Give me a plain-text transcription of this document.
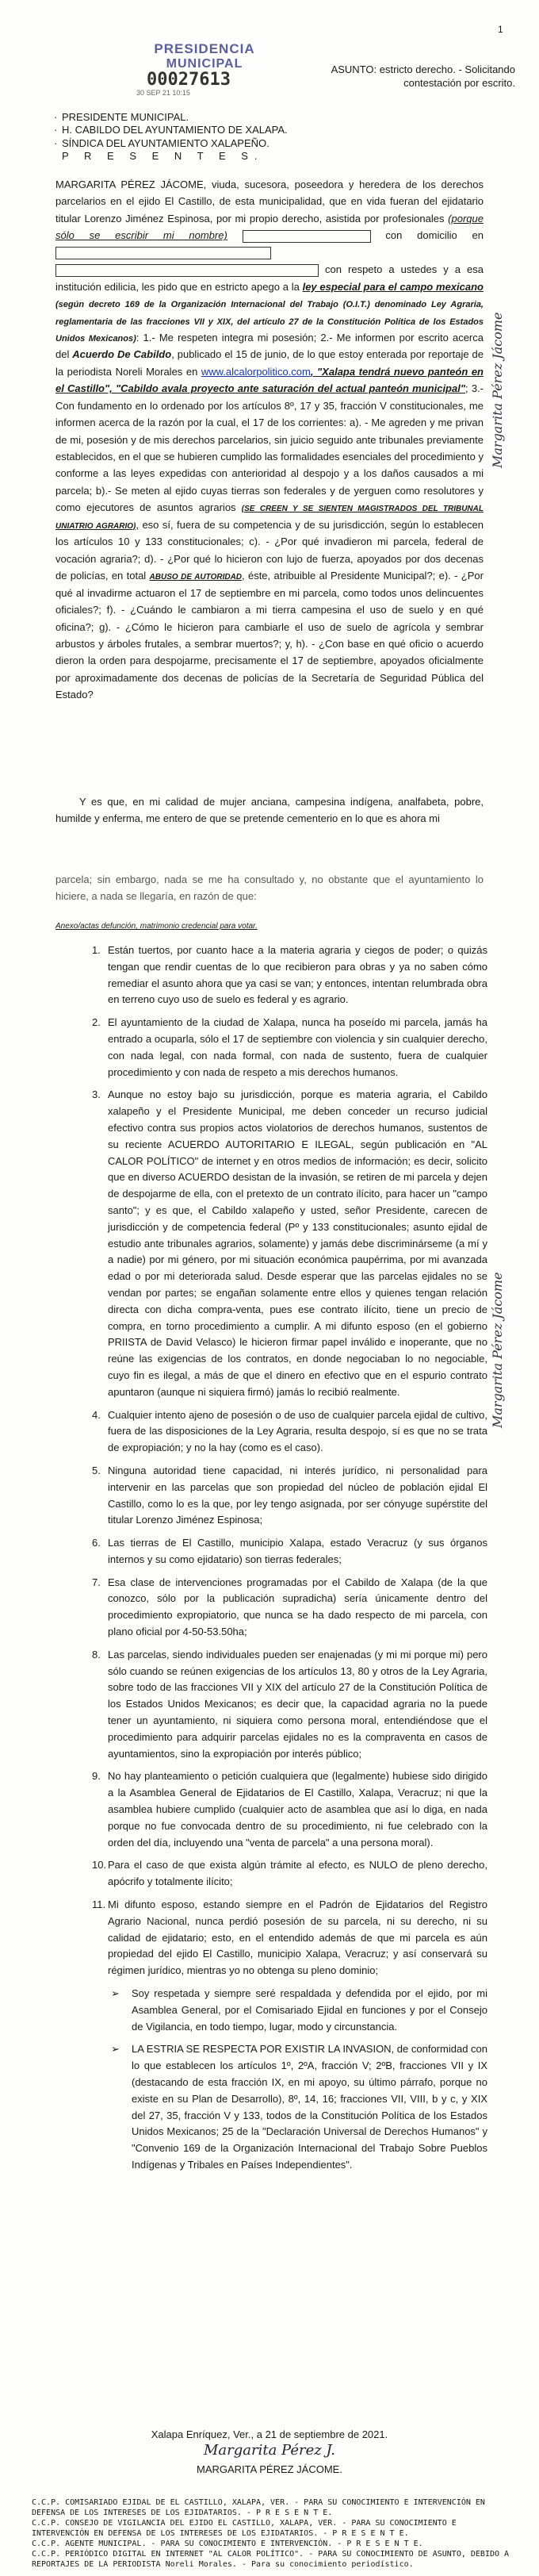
1
PRESIDENCIA
MUNICIPAL
00027613
30 SEP 21 10:15
ASUNTO: estricto derecho. - Solicitando contestación por escrito.
· PRESIDENTE MUNICIPAL.
· H. CABILDO DEL AYUNTAMIENTO DE XALAPA.
· SÍNDICA DEL AYUNTAMIENTO XALAPEÑO.
P R E S E N T E S.
MARGARITA PÉREZ JÁCOME, viuda, sucesora, poseedora y heredera de los derechos parcelarios en el ejido El Castillo, de esta municipalidad, que en vida fueran del ejidatario titular Lorenzo Jiménez Espinosa, por mi propio derecho, asistida por profesionales (porque sólo se escribir mi nombre)	con domicilio en   con respeto a ustedes y a esa institución edilicia, les pido que en estricto apego a la ley especial para el campo mexicano (según decreto 169 de la Organización Internacional del Trabajo (O.I.T.) denominado Ley Agraria, reglamentaria de las fracciones VII y XIX, del artículo 27 de la Constitución Política de los Estados Unidos Mexicanos): 1.- Me respeten integra mi posesión; 2.- Me informen por escrito acerca del Acuerdo De Cabildo, publicado el 15 de junio, de lo que estoy enterada por reportaje de la periodista Noreli Morales en www.alcalorpolitico.com, "Xalapa tendrá nuevo panteón en el Castillo", "Cabildo avala proyecto ante saturación del actual panteón municipal"; 3.- Con fundamento en lo ordenado por los artículos 8º, 17 y 35, fracción V constitucionales, me informen acerca de la razón por la cual, el 17 de los corrientes: a). - Me agreden y me privan de mi, posesión y de mis derechos parcelarios, sin juicio seguido ante tribunales previamente establecidos, en el que se hubieren cumplido las formalidades esenciales del procedimiento y conforme a las leyes expedidas con anterioridad al despojo y a los daños causados a mi parcela; b).- Se meten al ejido cuyas tierras son federales y de yerguen como resolutores y como ejecutores de asuntos agrarios (SE CREEN Y SE SIENTEN MAGISTRADOS DEL TRIBUNAL UNIATRIO AGRARIO), eso sí, fuera de su competencia y de su jurisdicción, según lo establecen los artículos 10 y 133 constitucionales; c). - ¿Por qué invadieron mi parcela, federal de vocación agraria?; d). - ¿Por qué lo hicieron con lujo de fuerza, apoyados por dos decenas de policías, en total ABUSO DE AUTORIDAD, éste, atribuible al Presidente Municipal?; e). - ¿Por qué al invadirme actuaron el 17 de septiembre en mi parcela, como todos unos delincuentes oficiales?; f). - ¿Cuándo le cambiaron a mi tierra campesina el uso de suelo y en qué oficina?; g). - ¿Cómo le hicieron para cambiarle el uso de suelo de agrícola y sembrar arbustos y árboles frutales, a sembrar muertos?; y, h). - ¿Con base en qué oficio o acuerdo dieron la orden para despojarme, precisamente el 17 de septiembre, apoyados oficialmente por aproximadamente dos decenas de policías de la Secretaría de Seguridad Pública del Estado?
Y es que, en mi calidad de mujer anciana, campesina indígena, analfabeta, pobre, humilde y enferma, me entero de que se pretende cementerio en lo que es ahora mi
parcela; sin embargo, nada se me ha consultado y, no obstante que el ayuntamiento lo hiciere, a nada se llegaría, en razón de que:
Anexo/actas defunción, matrimonio credencial para votar.
1. Están tuertos, por cuanto hace a la materia agraria y ciegos de poder; o quizás tengan que rendir cuentas de lo que recibieron para obras y ya no saben cómo remediar el asunto ahora que ya casi se van; y entonces, intentan relumbrada obra en terreno cuyo uso de suelo es federal y es agrario.
2. El ayuntamiento de la ciudad de Xalapa, nunca ha poseído mi parcela, jamás ha entrado a ocuparla, sólo el 17 de septiembre con violencia y sin cualquier derecho, con nada legal, con nada formal, con nada de sustento, fuera de cualquier procedimiento y con nada de respeto a mis derechos humanos.
3. Aunque no estoy bajo su jurisdicción, porque es materia agraria, el Cabildo xalapeño y el Presidente Municipal, me deben conceder un recurso judicial efectivo contra sus propios actos violatorios de derechos humanos, sustentos de su reciente ACUERDO AUTORITARIO E ILEGAL, según publicación en "AL CALOR POLÍTICO" de internet y en otros medios de información; es decir, solicito que en diverso ACUERDO desistan de la invasión, se retiren de mi parcela y dejen de despojarme de ella, con el pretexto de un contrato ilícito, para hacer un "campo santo"; y es que, el Cabildo xalapeño y usted, señor Presidente, carecen de jurisdicción y de competencia federal (Pº y 133 constitucionales; asunto ejidal de estudio ante tribunales agrarios, solamente) y jamás debe discriminárseme (a mí y a nadie) por mi género, por mi situación económica paupérrima, por mi avanzada edad o por mi deteriorada salud. Desde esperar que las parcelas ejidales no se vendan por partes; se engañan solamente entre ellos y quienes tengan relación directa con dicha compra-venta, pues ese contrato ilícito, tiene un precio de compra, en torno procedimiento a cumplir. A mi difunto esposo (en el gobierno PRIISTA de David Velasco) le hicieron firmar papel inválido e inoperante, que no reúne las exigencias de los contratos, en donde negociaban lo no negociable, cuyo fin es ilegal, a más de que el dinero en efectivo que en el espurio contrato apuntaron (aunque ni siquiera firmó) jamás lo recibió realmente.
4. Cualquier intento ajeno de posesión o de uso de cualquier parcela ejidal de cultivo, fuera de las disposiciones de la Ley Agraria, resulta despojo, sí es que no se trata de expropiación; y no la hay (como es el caso).
5. Ninguna autoridad tiene capacidad, ni interés jurídico, ni personalidad para intervenir en las parcelas que son propiedad del núcleo de población ejidal El Castillo, como lo es la que, por ley tengo asignada, por ser cónyuge supérstite del titular Lorenzo Jiménez Espinosa;
6. Las tierras de El Castillo, municipio Xalapa, estado Veracruz (y sus órganos internos y su como ejidatario) son tierras federales;
7. Esa clase de intervenciones programadas por el Cabildo de Xalapa (de la que conozco, sólo por la publicación supradicha) sería únicamente dentro del procedimiento expropiatorio, que nunca se ha dado respecto de mi parcela, con plano oficial por 4-50-53.50ha;
8. Las parcelas, siendo individuales pueden ser enajenadas (y mi mi porque mi) pero sólo cuando se reúnen exigencias de los artículos 13, 80 y otros de la Ley Agraria, sobre todo de las fracciones VII y XIX del artículo 27 de la Constitución Política de los Estados Unidos Mexicanos; es decir que, la capacidad agraria no la puede tener un ayuntamiento, ni siquiera como persona moral, entendiéndose que el procedimiento para adquirir parcelas ejidales no es la compraventa en casos de ayuntamientos, sino la expropiación por interés público;
9. No hay planteamiento o petición cualquiera que (legalmente) hubiese sido dirigido a la Asamblea General de Ejidatarios de El Castillo, Xalapa, Veracruz; ni que la asamblea hubiere cumplido (cualquier acto de asamblea que así lo diga, en nada porque no fue convocada dentro de su procedimiento, ni fue celebrado con la orden del día, incluyendo una "venta de parcela" a una persona moral).
10. Para el caso de que exista algún trámite al efecto, es NULO de pleno derecho, apócrifo y totalmente ilícito;
11. Mi difunto esposo, estando siempre en el Padrón de Ejidatarios del Registro Agrario Nacional, nunca perdió posesión de su parcela, ni su derecho, ni su calidad de ejidatario; esto, en el entendido además de que mi parcela es aún propiedad del ejido El Castillo, municipio Xalapa, Veracruz; y así conservará su régimen jurídico, mientras yo no obtenga su pleno dominio;
➢	Soy respetada y siempre seré respaldada y defendida por el ejido, por mi Asamblea General, por el Comisariado Ejidal en funciones y por el Consejo de Vigilancia, en todo tiempo, lugar, modo y circunstancia.
➢	LA ESTRIA SE RESPECTA POR EXISTIR LA INVASION, de conformidad con lo que establecen los artículos 1º, 2ºA, fracción V; 2ºB, fracciones VII y IX (destacando de esta fracción IX, en mi apoyo, su último párrafo, porque no existe en su Plan de Desarrollo), 8º, 14, 16; fracciones VII, VIII, b y c, y XIX del 27, 35, fracción V y 133, todos de la Constitución Política de los Estados Unidos Mexicanos; 25 de la "Declaración Universal de Derechos Humanos" y "Convenio 169 de la Organización Internacional del Trabajo Sobre Pueblos Indígenas y Tribales en Países Independientes".
Margarita Pérez Jácome
Margarita Pérez Jácome
Xalapa Enríquez, Ver., a 21 de septiembre de 2021.
Margarita Pérez J.
MARGARITA PÉREZ JÁCOME.
C.C.P. COMISARIADO EJIDAL DE EL CASTILLO, XALAPA, VER. - PARA SU CONOCIMIENTO E INTERVENCIÓN EN DEFENSA DE LOS INTERESES DE LOS EJIDATARIOS. - P R E S E N T E.
C.C.P. CONSEJO DE VIGILANCIA DEL EJIDO EL CASTILLO, XALAPA, VER. - PARA SU CONOCIMIENTO E INTERVENCIÓN EN DEFENSA DE LOS INTERESES DE LOS EJIDATARIOS. - P R E S E N T E.
C.C.P. AGENTE MUNICIPAL. - PARA SU CONOCIMIENTO E INTERVENCIÓN. - P R E S E N T E.
C.C.P. PERIÓDICO DIGITAL EN INTERNET "AL CALOR POLÍTICO". - PARA SU CONOCIMIENTO DE ASUNTO, DEBIDO A REPORTAJES DE LA PERIODISTA Noreli Morales. - Para su conocimiento periodístico.
